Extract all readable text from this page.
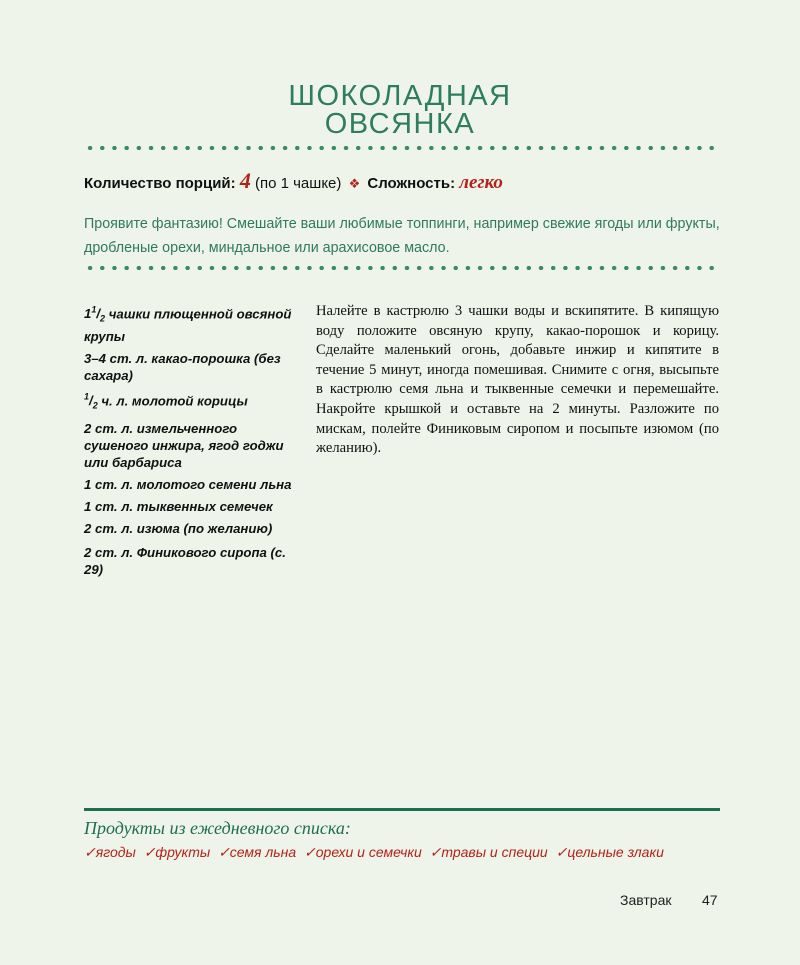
ШОКОЛАДНАЯ
ОВСЯНКА
Количество порций: 4 (по 1 чашке) ❖ Сложность: легко
Проявите фантазию! Смешайте ваши любимые топпинги, например свежие ягоды или фрукты, дробленые орехи, миндальное или арахисовое масло.
$1^1/_2$ чашки плющенной овсяной крупы
3–4 ст. л. какао-порошка (без сахара)
$^1/_2$ ч. л. молотой корицы
2 ст. л. измельченного сушеного инжира, ягод годжи или барбариса
1 ст. л. молотого семени льна
1 ст. л. тыквенных семечек
2 ст. л. изюма (по желанию)
2 ст. л. Финикового сиропа (с. 29)
Налейте в кастрюлю 3 чашки воды и вскипятите. В кипящую воду положите овсяную крупу, какао-порошок и корицу. Сделайте маленький огонь, добавьте инжир и кипятите в течение 5 минут, иногда помешивая. Снимите с огня, высыпьте в кастрюлю семя льна и тыквенные семечки и перемешайте. Накройте крышкой и оставьте на 2 минуты. Разложите по мискам, полейте Финиковым сиропом и посыпьте изюмом (по желанию).
Продукты из ежедневного списка:
✓ягоды ✓фрукты ✓семя льна ✓орехи и семечки ✓травы и специи ✓цельные злаки
Завтрак 47
